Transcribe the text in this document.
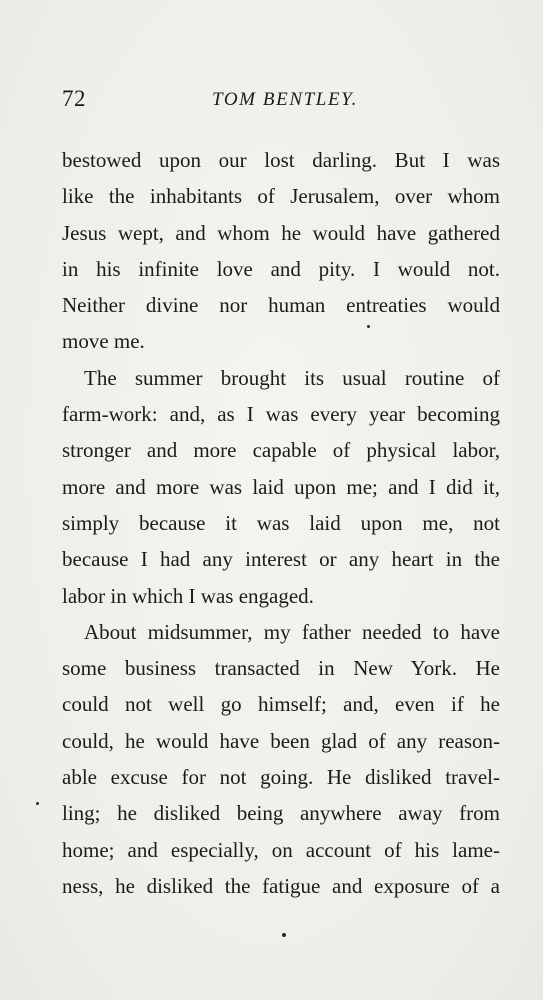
72	TOM BENTLEY.
bestowed upon our lost darling. But I was
like the inhabitants of Jerusalem, over whom
Jesus wept, and whom he would have gathered
in his infinite love and pity. I would not.
Neither divine nor human entreaties would
move me.
The summer brought its usual routine of
farm-work: and, as I was every year becoming
stronger and more capable of physical labor,
more and more was laid upon me; and I did it,
simply because it was laid upon me, not
because I had any interest or any heart in the
labor in which I was engaged.
About midsummer, my father needed to have
some business transacted in New York. He
could not well go himself; and, even if he
could, he would have been glad of any reason-
able excuse for not going. He disliked travel-
ling; he disliked being anywhere away from
home; and especially, on account of his lame-
ness, he disliked the fatigue and exposure of a
